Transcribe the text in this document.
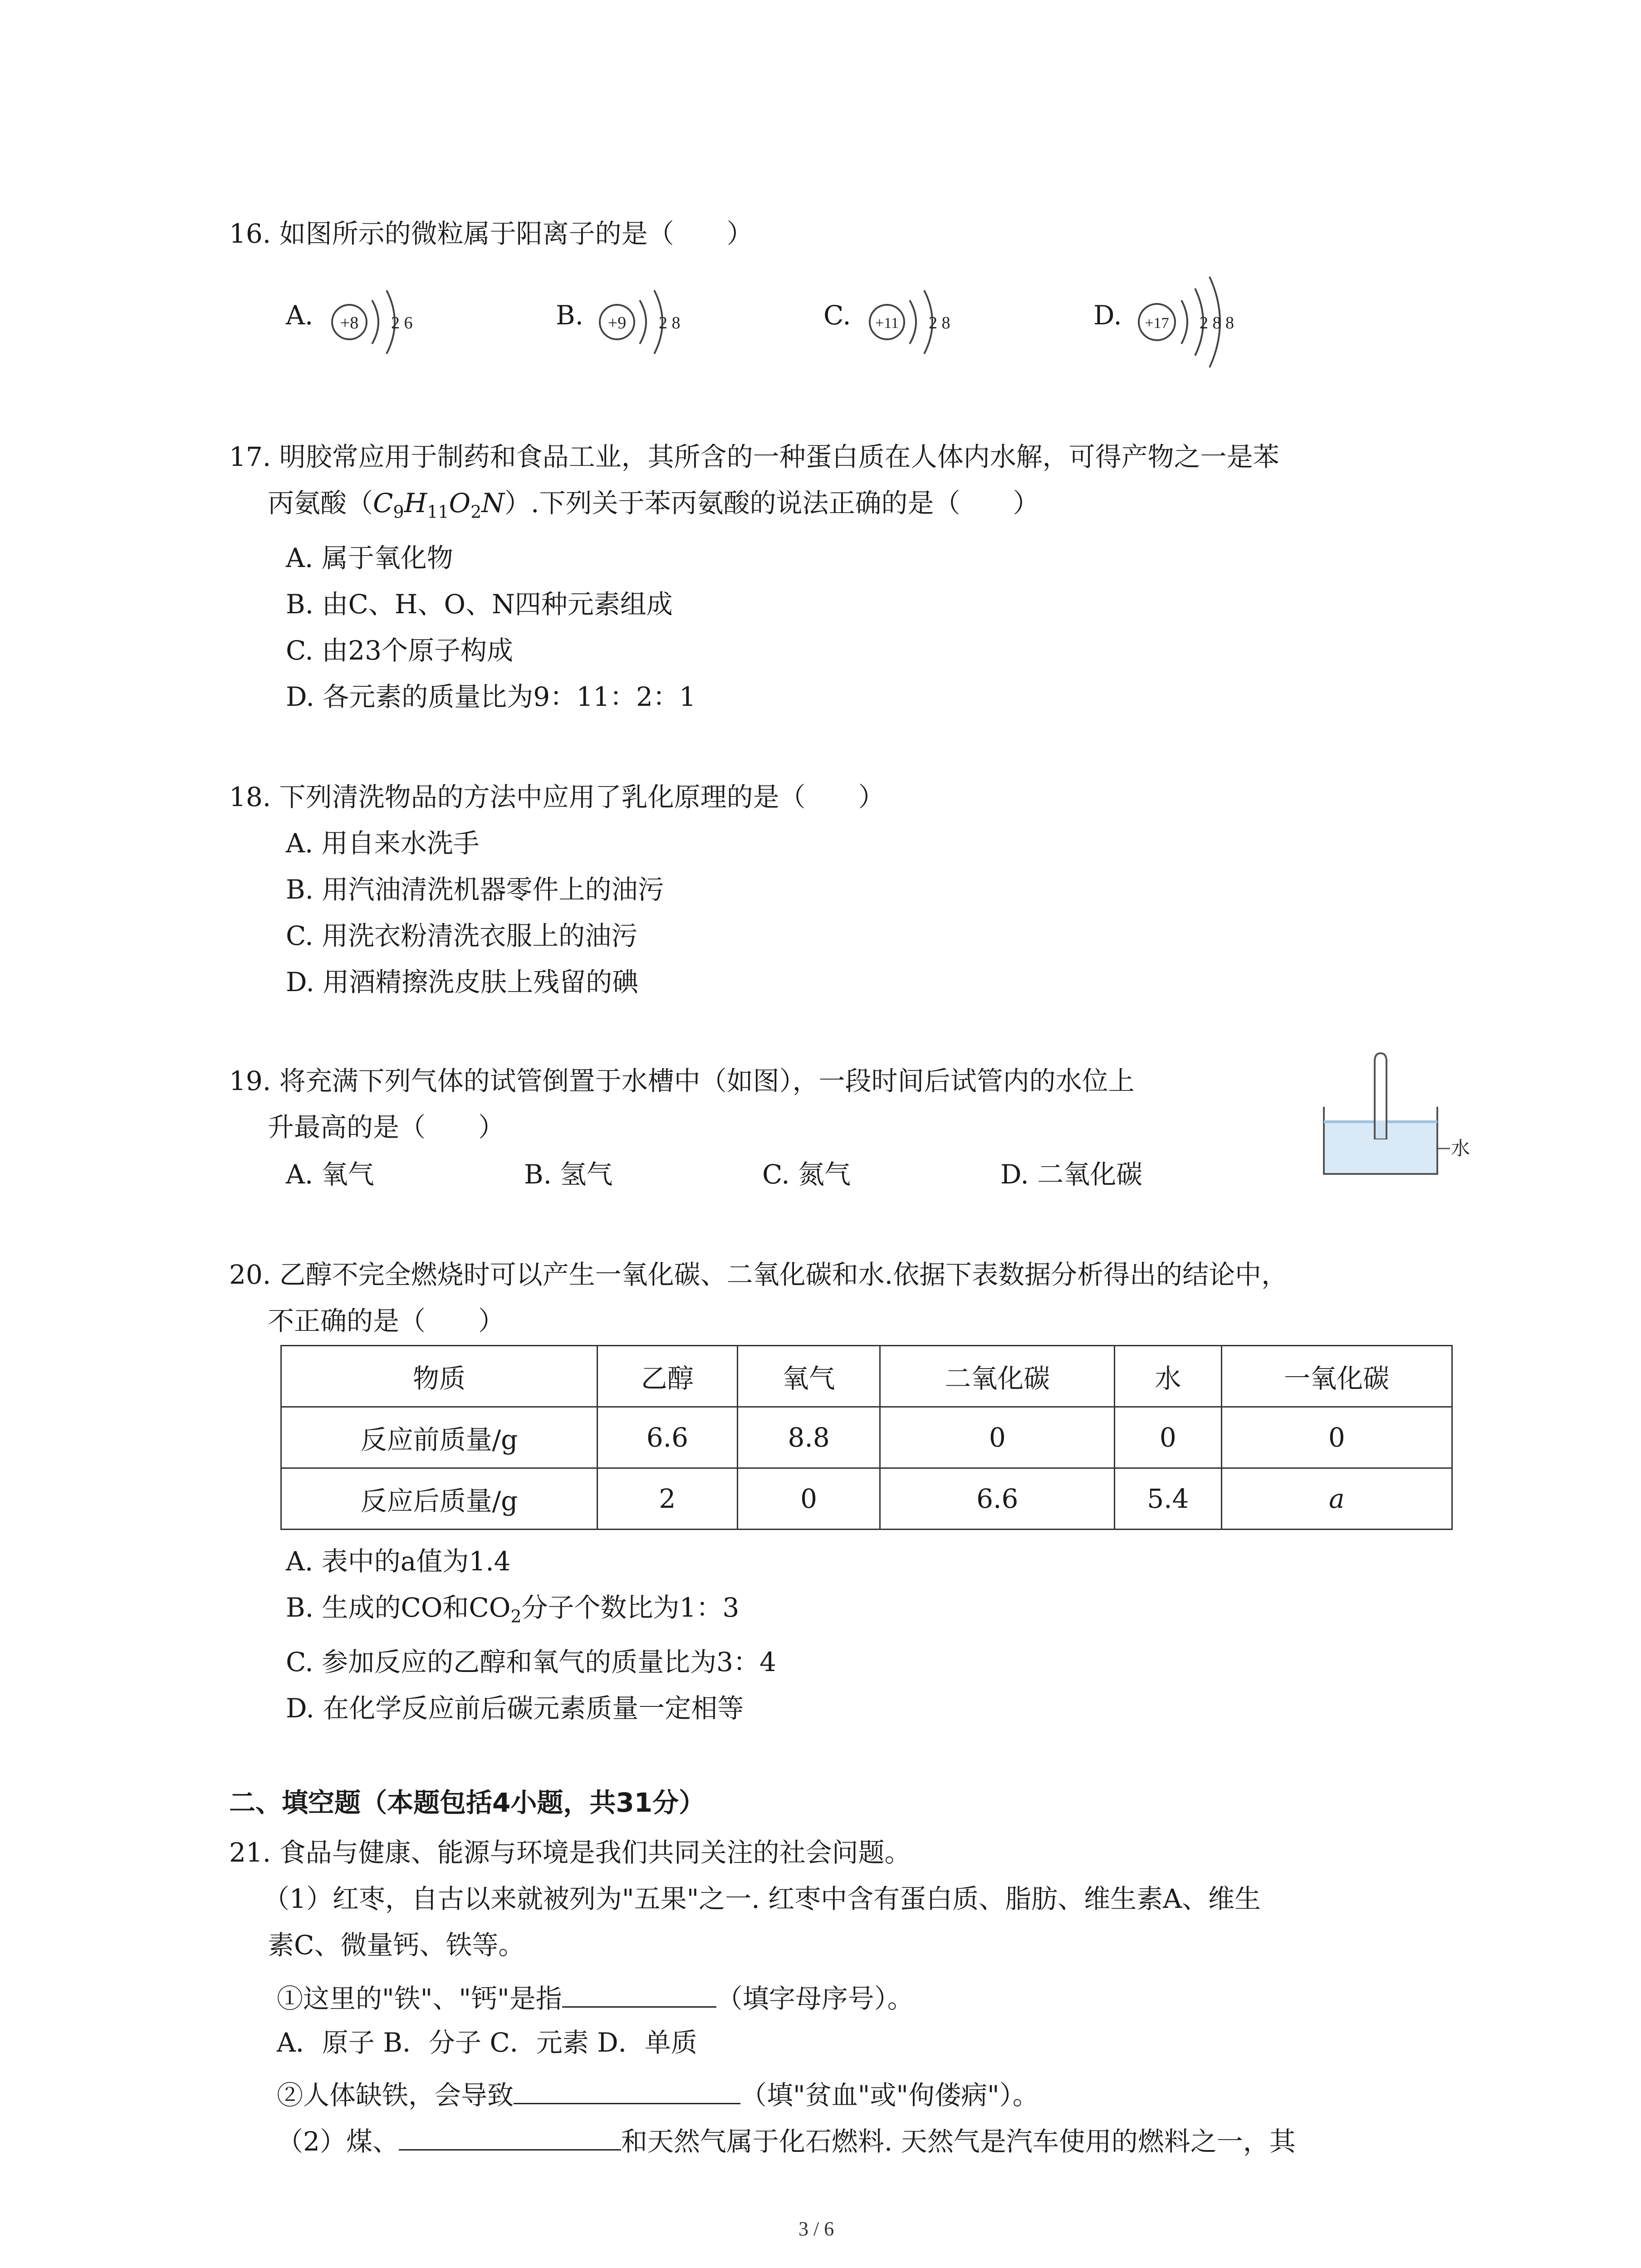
16. 如图所示的微粒属于阳离子的是（　　）
A. +8 2 6	B. +9 2 8	C. +11 2 8	D. +17 2 8 8
17. 明胶常应用于制药和食品工业，其所含的一种蛋白质在人体内水解，可得产物之一是苯
丙氨酸$(C_9H_{11}O_2N)$.下列关于苯丙氨酸的说法正确的是（　　）
A. 属于氧化物
B. 由C、H、O、N四种元素组成
C. 由23个原子构成
D. 各元素的质量比为9：11：2：1
18. 下列清洗物品的方法中应用了乳化原理的是（　　）
A. 用自来水洗手
B. 用汽油清洗机器零件上的油污
C. 用洗衣粉清洗衣服上的油污
D. 用酒精擦洗皮肤上残留的碘
19. 将充满下列气体的试管倒置于水槽中（如图），一段时间后试管内的水位上
升最高的是（　　）
A. 氧气	B. 氢气	C. 氮气	D. 二氧化碳
水
20. 乙醇不完全燃烧时可以产生一氧化碳、二氧化碳和水.依据下表数据分析得出的结论中，
不正确的是（　　）
物质	乙醇	氧气	二氧化碳	水	一氧化碳
反应前质量/g	6.6	8.8	0	0	0
反应后质量/g	2	0	6.6	5.4	a
A. 表中的a值为1.4
B. 生成的CO和$CO_2$分子个数比为1：3
C. 参加反应的乙醇和氧气的质量比为3：4
D. 在化学反应前后碳元素质量一定相等
二、填空题（本题包括4小题，共31分）
21. 食品与健康、能源与环境是我们共同关注的社会问题。
（1）红枣，自古以来就被列为"五果"之一. 红枣中含有蛋白质、脂肪、维生素A、维生
素C、微量钙、铁等。
①这里的"铁"、"钙"是指	（填字母序号）。
A．原子 B．分子 C．元素 D．单质
②人体缺铁，会导致	（填"贫血"或"佝偻病"）。
（2）煤、	和天然气属于化石燃料. 天然气是汽车使用的燃料之一，其
3 / 6
